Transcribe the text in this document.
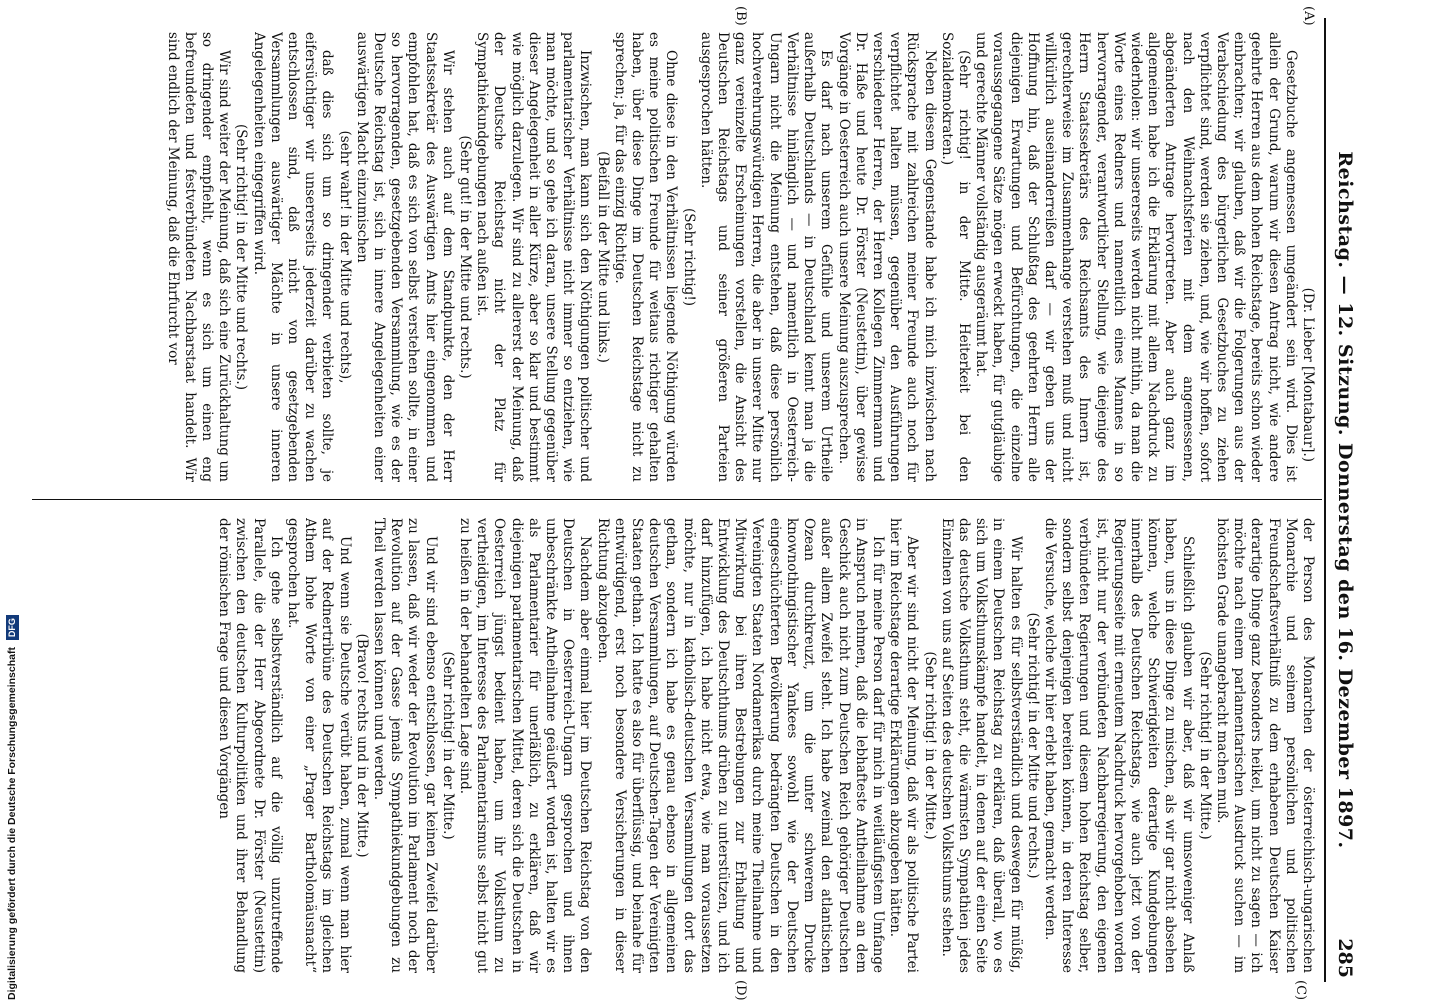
Digitalisierung gefördert durch die Deutsche Forschungsgemeinschaft DFG	Reichstag. — 12. Sitzung. Donnerstag den 16. Dezember 1897.
285
(A)
(B)
(C)
(D)

(Dr. Lieber [Montabaur].)

Gesetzbuche angemessen umgeändert sein wird. Dies ist allein der Grund, warum wir diesen Antrag nicht, wie andere geehrte Herren aus dem hohen Reichstage, bereits schon wieder einbrachten; wir glauben, daß wir die Folgerungen aus der Verabschiedung des bürgerlichen Gesetzbuches zu ziehen verpflichtet sind, werden sie ziehen, und, wie wir hoffen, sofort nach den Weihnachtsferien mit dem angemessenen, abgeänderten Antrage hervortreten. Aber auch ganz im allgemeinen habe ich die Erklärung mit allem Nachdruck zu wiederholen: wir unsererseits werden nicht mithin, da man die Worte eines Redners und namentlich eines Mannes in so hervorragender, verantwortlicher Stellung, wie diejenige des Herrn Staatssekretärs des Reichsamts des Innern ist, gerechterweise im Zusammenhange verstehen muß und nicht willkürlich auseinanderreißen darf — wir geben uns der Hoffnung hin, daß der Schlußtag des geehrten Herrn alle diejenigen Erwartungen und Befürchtungen, die einzelne voraussgegangene Sätze mögen erweckt haben, für gutgläubige und gerechte Männer vollständig ausgeräumt hat.

(Sehr richtig! in der Mitte. Heiterkeit bei den Sozialdemokraten.)

Neben diesem Gegenstande habe ich mich inzwischen nach Rücksprache mit zahlreichen meiner Freunde auch noch für verpflichtet halten müssen, gegenüber den Ausführungen verschiedener Herren, der Herren Kollegen Zimmermann und Dr. Haße und heute Dr. Förster (Neustettin), über gewisse Vorgänge in Oesterreich auch unsere Meinung auszusprechen.

Es darf nach unserem Gefühle und unserem Urtheile außerhalb Deutschlands — in Deutschland kennt man ja die Verhältnisse hinlänglich — und namentlich in Oesterreich-Ungarn nicht die Meinung entstehen, daß diese persönlich hochverehrungswürdigen Herren, die aber in unserer Mitte nur ganz vereinzelte Erscheinungen vorstellen, die Ansicht des Deutschen Reichstags und seiner größeren Parteien ausgesprochen hätten.

(Sehr richtig!)

Ohne diese in den Verhältnissen liegende Nöthigung würden es meine politischen Freunde für weitaus richtiger gehalten haben, über diese Dinge im Deutschen Reichstage nicht zu sprechen; ja, für das einzig Richtige.

(Beifall in der Mitte und links.)

Inzwischen, man kann sich den Nöthigungen politischer und parlamentarischer Verhältnisse nicht immer so entziehen, wie man möchte, und so gehe ich daran, unsere Stellung gegenüber dieser Angelegenheit in aller Kürze, aber so klar und bestimmt wie möglich darzulegen. Wir sind zu allererst der Meinung, daß der Deutsche Reichstag nicht der Platz für Sympathiekundgebungen nach außen ist.

(Sehr gut! in der Mitte und rechts.)

Wir stehen auch auf dem Standpunkte, den der Herr Staatssekretär des Auswärtigen Amts hier eingenommen und empfohlen hat, daß es sich von selbst verstehen sollte, in einer so hervorragenden, gesetzgebenden Versammlung, wie es der Deutsche Reichstag ist, sich in innere Angelegenheiten einer auswärtigen Macht einzumischen

(sehr wahr! in der Mitte und rechts),

daß dies sich um so dringender verbieten sollte, je eifersüchtiger wir unsererseits jederzeit darüber zu wachen entschlossen sind, daß nicht von gesetzgebenden Versammlungen auswärtiger Mächte in unsere inneren Angelegenheiten eingegriffen wird.

(Sehr richtig! in der Mitte und rechts.)

Wir sind weiter der Meinung, daß sich eine Zurückhaltung um so dringender empfiehlt, wenn es sich um einen eng befreundeten und festverbündeten Nachbarstaat handelt. Wir sind endlich der Meinung, daß die Ehrfurcht vor

der Person des Monarchen der österreichisch-ungarischen Monarchie und seinem persönlichen und politischen Freundschaftsverhältniß zu dem erhabenen Deutschen Kaiser derartige Dinge ganz besonders heikel, um nicht zu sagen — ich möchte nach einem parlamentarischen Ausdruck suchen — im höchsten Grade unangebracht machen muß.

(Sehr richtig! in der Mitte.)

Schließlich glauben wir aber, daß wir umsoweniger Anlaß haben, uns in diese Dinge zu mischen, als wir gar nicht absehen können, welche Schwierigkeiten derartige Kundgebungen innerhalb des Deutschen Reichstags, wie auch jetzt von der Regierungsseite mit erneutem Nachdruck hervorgehoben worden ist, nicht nur der verbündeten Nachbarregierung, den eigenen verbündeten Regierungen und diesem hohen Reichstag selber, sondern selbst denjenigen bereiten können, in deren Interesse die Versuche, welche wir hier erlebt haben, gemacht werden.

(Sehr richtig! in der Mitte und rechts.)

Wir halten es für selbstverständlich und deswegen für müßig, in einem Deutschen Reichstag zu erklären, daß überall, wo es sich um Volksthumskämpfe handelt, in denen auf der einen Seite das deutsche Volksthum steht, die wärmsten Sympathien jedes Einzelnen von uns auf Seiten des deutschen Volksthums stehen.

(Sehr richtig! in der Mitte.)

Aber wir sind nicht der Meinung, daß wir als politische Partei hier im Reichstage derartige Erklärungen abzugeben hätten.

Ich für meine Person darf für mich in weitläufigstem Umfange in Anspruch nehmen, daß die lebhafteste Antheilnahme an dem Geschick auch nicht zum Deutschen Reich gehöriger Deutschen außer allem Zweifel steht. Ich habe zweimal den atlantischen Ozean durchkreuzt, um die unter schwerem Drucke knownothingistischer Yankees sowohl wie der Deutschen eingeschüchterten Bevölkerung bedrängten Deutschen in den Vereinigten Staaten Nordamerikas durch meine Theilnahme und Mitwirkung bei ihren Bestrebungen zur Erhaltung und Entwicklung des Deutschthums drüben zu unterstützen, und ich darf hinzufügen, ich habe nicht etwa, wie man voraussetzen möchte, nur in katholisch-deutschen Versammlungen dort das gethan, sondern ich habe es genau ebenso in allgemeinen deutschen Versammlungen, auf Deutschen-Tagen der Vereinigten Staaten gethan. Ich hatte es also für überflüssig, und beinahe für entwürdigend, erst noch besondere Versicherungen in dieser Richtung abzugeben.

Nachdem aber einmal hier im Deutschen Reichstag von den Deutschen in Oesterreich-Ungarn gesprochen und ihnen unbeschränkte Antheilnahme geäußert worden ist, halten wir es als Parlamentarier für unerläßlich, zu erklären, daß wir diejenigen parlamentarischen Mittel, deren sich die Deutschen in Oesterreich jüngst bedient haben, um ihr Volksthum zu vertheidigen, im Interesse des Parlamentarismus selbst nicht gut zu heißen in der behandelten Lage sind.

(Sehr richtig! in der Mitte.)

Und wir sind ebenso entschlossen, gar keinen Zweifel darüber zu lassen, daß wir weder der Revolution im Parlament noch der Revolution auf der Gasse jemals Sympathiekundgebungen zu Theil werden lassen können und werden.

(Bravo! rechts und in der Mitte.)

Und wenn sie Deutsche verübt haben, zumal wenn man hier auf der Rednertribüne des Deutschen Reichstags im gleichen Athem hohe Worte von einer „Prager Bartholomäusnacht“ gesprochen hat.

Ich gehe selbstverständlich auf die völlig unzutreffende Parallele, die der Herr Abgeordnete Dr. Förster (Neustettin) zwischen den deutschen Kulturpolitiken und ihrer Behandlung der römischen Frage und diesen Vorgängen
